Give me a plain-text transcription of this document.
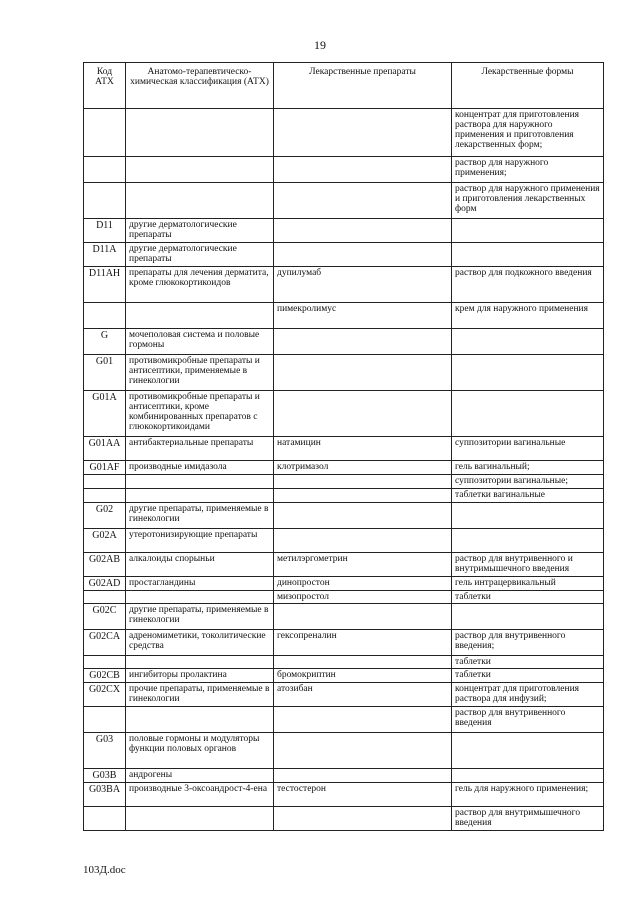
19
Код АТХ	Анатомо-терапевтическо-химическая классификация (АТХ)	Лекарственные препараты	Лекарственные формы
			концентрат для приготовления раствора для наружного применения и приготовления лекарственных форм;
			раствор для наружного применения;
			раствор для наружного применения и приготовления лекарственных форм
D11	другие дерматологические препараты		
D11A	другие дерматологические препараты		
D11AH	препараты для лечения дерматита, кроме глюкокортикоидов	дупилумаб	раствор для подкожного введения
		пимекролимус	крем для наружного применения
G	мочеполовая система и половые гормоны		
G01	противомикробные препараты и антисептики, применяемые в гинекологии		
G01A	противомикробные препараты и антисептики, кроме комбинированных препаратов с глюкокортикоидами		
G01AA	антибактериальные препараты	натамицин	суппозитории вагинальные
G01AF	производные имидазола	клотримазол	гель вагинальный;
			суппозитории вагинальные;
			таблетки вагинальные
G02	другие препараты, применяемые в гинекологии		
G02A	утеротонизирующие препараты		
G02AB	алкалоиды спорыньи	метилэргометрин	раствор для внутривенного и внутримышечного введения
G02AD	простагландины	динопростон	гель интрацервикальный
		мизопростол	таблетки
G02C	другие препараты, применяемые в гинекологии		
G02CA	адреномиметики, токолитические средства	гексопреналин	раствор для внутривенного введения;
			таблетки
G02CB	ингибиторы пролактина	бромокриптин	таблетки
G02CX	прочие препараты, применяемые в гинекологии	атозибан	концентрат для приготовления раствора для инфузий;
			раствор для внутривенного введения
G03	половые гормоны и модуляторы функции половых органов		
G03B	андрогены		
G03BA	производные 3-оксоандрост-4-ена	тестостерон	гель для наружного применения;
			раствор для внутримышечного введения
103Д.doc
